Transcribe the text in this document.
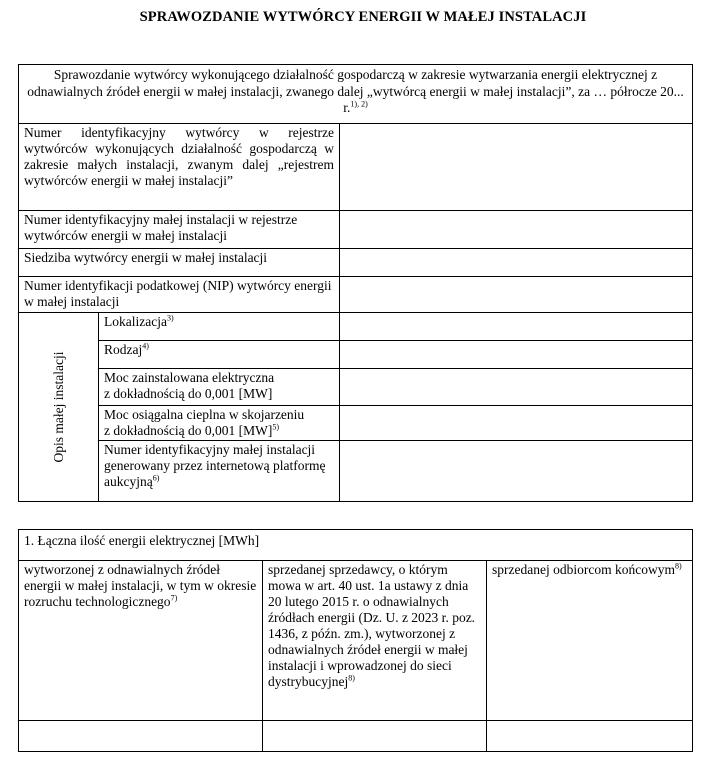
SPRAWOZDANIE WYTWÓRCY ENERGII W MAŁEJ INSTALACJI
Sprawozdanie wytwórcy wykonującego działalność gospodarczą w zakresie wytwarzania energii elektrycznej z odnawialnych źródeł energii w małej instalacji, zwanego dalej „wytwórcą energii w małej instalacji”, za … półrocze 20... r.$^{1), 2)}$
Numer identyfikacyjny wytwórcy w rejestrze wytwórców wykonujących działalność gospodarczą w zakresie małych instalacji, zwanym dalej „rejestrem wytwórców energii w małej instalacji”		
Numer identyfikacyjny małej instalacji w rejestrze wytwórców energii w małej instalacji		
Siedziba wytwórcy energii w małej instalacji		
Numer identyfikacji podatkowej (NIP) wytwórcy energii w małej instalacji		

Opis małej instalacji	Lokalizacja$^{3)}$	
	Rodzaj$^{4)}$	
	Moc zainstalowana elektryczna
z dokładnością do 0,001 [MW]	
	Moc osiągalna cieplna w skojarzeniu
z dokładnością do 0,001 [MW]$^{5)}$	
	Numer identyfikacyjny małej instalacji generowany przez internetową platformę aukcyjną$^{6)}$	
1. Łączna ilość energii elektrycznej [MWh]		
wytworzonej z odnawialnych źródeł energii w małej instalacji, w tym w okresie rozruchu technologicznego$^{7)}$	sprzedanej sprzedawcy, o którym mowa w art. 40 ust. 1a ustawy z dnia 20 lutego 2015 r. o odnawialnych źródłach energii (Dz. U. z 2023 r. poz. 1436, z późn. zm.), wytworzonej z odnawialnych źródeł energii w małej instalacji i wprowadzonej do sieci dystrybucyjnej$^{8)}$	sprzedanej odbiorcom końcowym$^{8)}$
